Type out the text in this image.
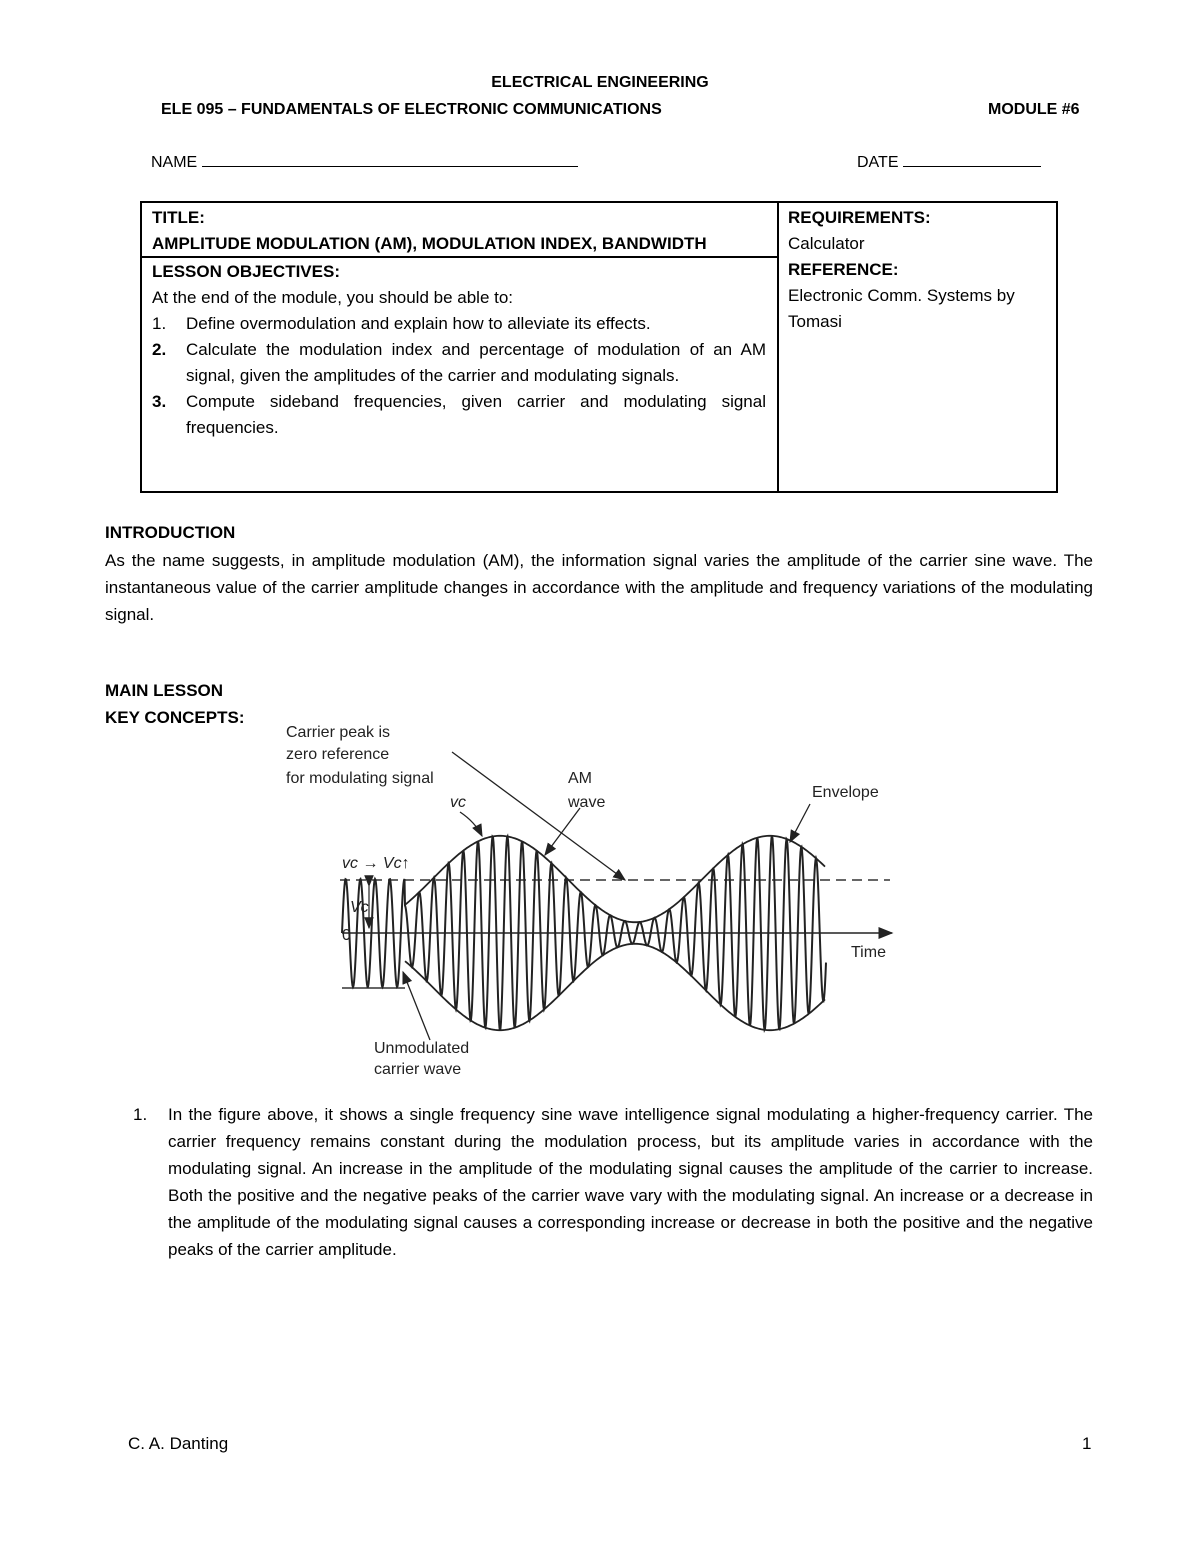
ELECTRICAL ENGINEERING
ELE 095 – FUNDAMENTALS OF ELECTRONIC COMMUNICATIONS	MODULE #6
NAME	DATE
TITLE:
AMPLITUDE MODULATION (AM), MODULATION INDEX, BANDWIDTH
LESSON OBJECTIVES:
At the end of the module, you should be able to:
1. Define overmodulation and explain how to alleviate its effects.
2. Calculate the modulation index and percentage of modulation of an AM signal, given the amplitudes of the carrier and modulating signals.
3. Compute sideband frequencies, given carrier and modulating signal frequencies.
REQUIREMENTS:
Calculator
REFERENCE:
Electronic Comm. Systems by Tomasi
INTRODUCTION
As the name suggests, in amplitude modulation (AM), the information signal varies the amplitude of the carrier sine wave. The instantaneous value of the carrier amplitude changes in accordance with the amplitude and frequency variations of the modulating signal.
MAIN LESSON
KEY CONCEPTS:
Carrier peak is
zero reference
for modulating signal
vc
AM
wave
Envelope
vc → Vc↑
Vc
0
Time
Unmodulated
carrier wave
1. In the figure above, it shows a single frequency sine wave intelligence signal modulating a higher-frequency carrier. The carrier frequency remains constant during the modulation process, but its amplitude varies in accordance with the modulating signal. An increase in the amplitude of the modulating signal causes the amplitude of the carrier to increase. Both the positive and the negative peaks of the carrier wave vary with the modulating signal. An increase or a decrease in the amplitude of the modulating signal causes a corresponding increase or decrease in both the positive and the negative peaks of the carrier amplitude.
C. A. Danting	1
